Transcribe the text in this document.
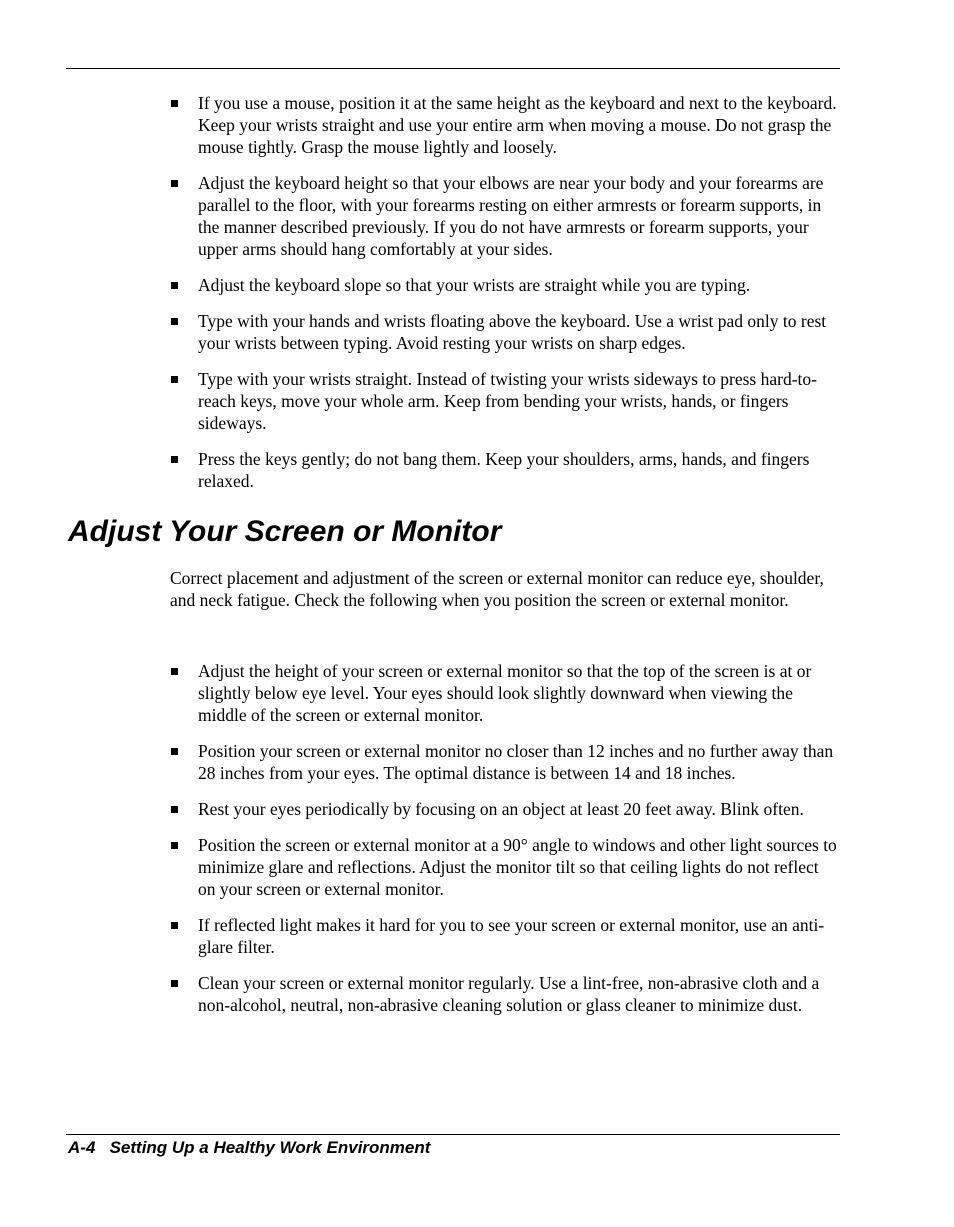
If you use a mouse, position it at the same height as the keyboard and next to the keyboard. Keep your wrists straight and use your entire arm when moving a mouse. Do not grasp the mouse tightly. Grasp the mouse lightly and loosely.
Adjust the keyboard height so that your elbows are near your body and your forearms are parallel to the floor, with your forearms resting on either armrests or forearm supports, in the manner described previously. If you do not have armrests or forearm supports, your upper arms should hang comfortably at your sides.
Adjust the keyboard slope so that your wrists are straight while you are typing.
Type with your hands and wrists floating above the keyboard. Use a wrist pad only to rest your wrists between typing. Avoid resting your wrists on sharp edges.
Type with your wrists straight. Instead of twisting your wrists sideways to press hard-to-reach keys, move your whole arm. Keep from bending your wrists, hands, or fingers sideways.
Press the keys gently; do not bang them. Keep your shoulders, arms, hands, and fingers relaxed.
Adjust Your Screen or Monitor

Correct placement and adjustment of the screen or external monitor can reduce eye, shoulder, and neck fatigue. Check the following when you position the screen or external monitor.

Adjust the height of your screen or external monitor so that the top of the screen is at or slightly below eye level. Your eyes should look slightly downward when viewing the middle of the screen or external monitor.
Position your screen or external monitor no closer than 12 inches and no further away than 28 inches from your eyes. The optimal distance is between 14 and 18 inches.
Rest your eyes periodically by focusing on an object at least 20 feet away. Blink often.
Position the screen or external monitor at a 90° angle to windows and other light sources to minimize glare and reflections. Adjust the monitor tilt so that ceiling lights do not reflect on your screen or external monitor.
If reflected light makes it hard for you to see your screen or external monitor, use an anti-glare filter.
Clean your screen or external monitor regularly. Use a lint-free, non-abrasive cloth and a non-alcohol, neutral, non-abrasive cleaning solution or glass cleaner to minimize dust.
A-4 Setting Up a Healthy Work Environment
